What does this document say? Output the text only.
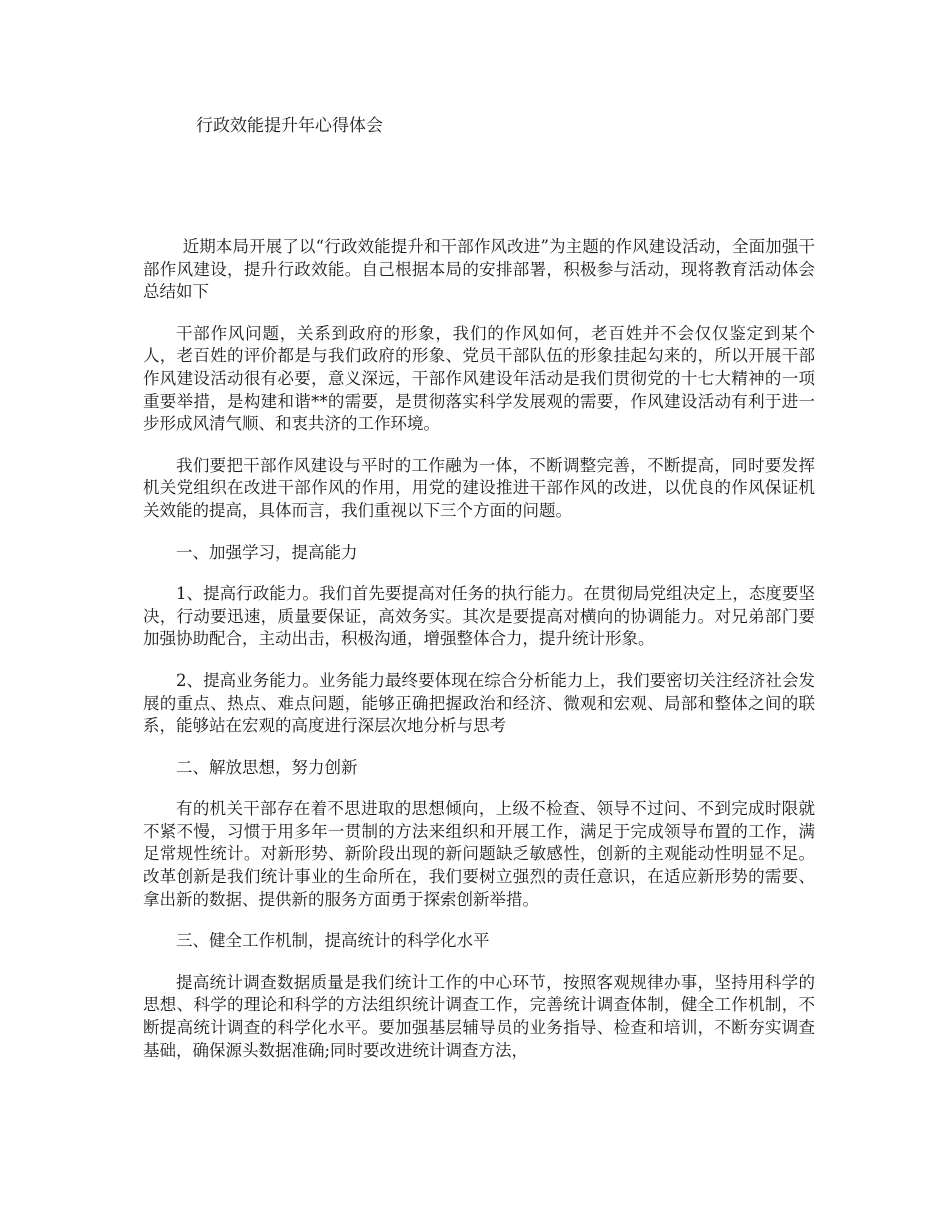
行政效能提升年心得体会

近期本局开展了以“行政效能提升和干部作风改进”为主题的作风建设活动，全面加强干部作风建设，提升行政效能。自己根据本局的安排部署，积极参与活动，现将教育活动体会总结如下

干部作风问题，关系到政府的形象，我们的作风如何，老百姓并不会仅仅鉴定到某个人，老百姓的评价都是与我们政府的形象、党员干部队伍的形象挂起勾来的，所以开展干部作风建设活动很有必要，意义深远，干部作风建设年活动是我们贯彻党的十七大精神的一项重要举措，是构建和谐**的需要，是贯彻落实科学发展观的需要，作风建设活动有利于进一步形成风清气顺、和衷共济的工作环境。

我们要把干部作风建设与平时的工作融为一体，不断调整完善，不断提高，同时要发挥机关党组织在改进干部作风的作用，用党的建设推进干部作风的改进，以优良的作风保证机关效能的提高，具体而言，我们重视以下三个方面的问题。

一、加强学习，提高能力

1、提高行政能力。我们首先要提高对任务的执行能力。在贯彻局党组决定上，态度要坚决，行动要迅速，质量要保证，高效务实。其次是要提高对横向的协调能力。对兄弟部门要加强协助配合，主动出击，积极沟通，增强整体合力，提升统计形象。

2、提高业务能力。业务能力最终要体现在综合分析能力上，我们要密切关注经济社会发展的重点、热点、难点问题，能够正确把握政治和经济、微观和宏观、局部和整体之间的联系，能够站在宏观的高度进行深层次地分析与思考

二、解放思想，努力创新

有的机关干部存在着不思进取的思想倾向，上级不检查、领导不过问、不到完成时限就不紧不慢，习惯于用多年一贯制的方法来组织和开展工作，满足于完成领导布置的工作，满足常规性统计。对新形势、新阶段出现的新问题缺乏敏感性，创新的主观能动性明显不足。改革创新是我们统计事业的生命所在，我们要树立强烈的责任意识，在适应新形势的需要、拿出新的数据、提供新的服务方面勇于探索创新举措。

三、健全工作机制，提高统计的科学化水平

提高统计调查数据质量是我们统计工作的中心环节，按照客观规律办事，坚持用科学的思想、科学的理论和科学的方法组织统计调查工作，完善统计调查体制，健全工作机制，不断提高统计调查的科学化水平。要加强基层辅导员的业务指导、检查和培训，不断夯实调查基础，确保源头数据准确;同时要改进统计调查方法，
